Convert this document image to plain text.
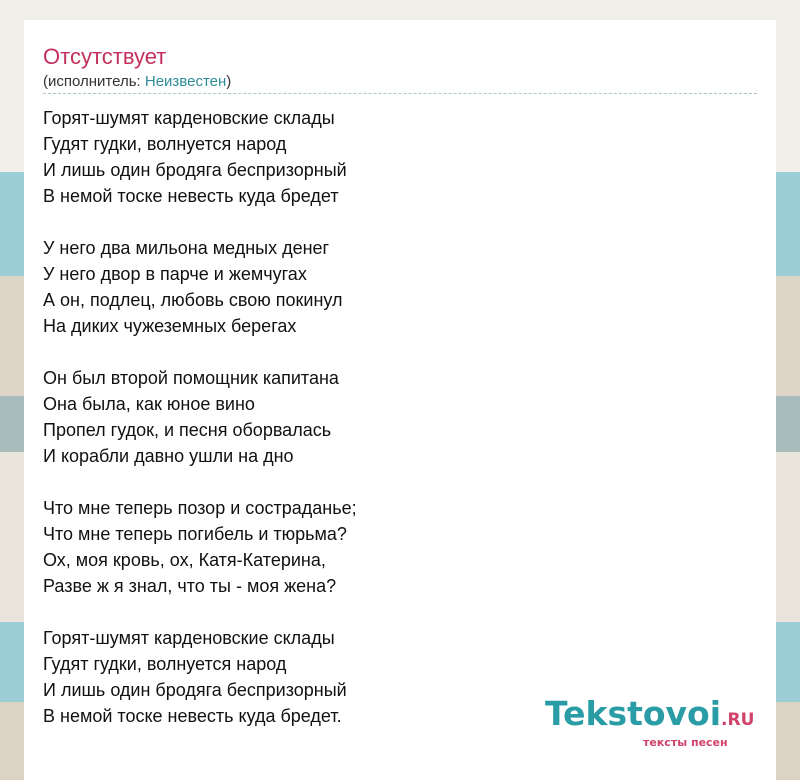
Отсутствует
(исполнитель: Неизвестен)
Горят-шумят карденовские склады
Гудят гудки, волнуется народ
И лишь один бродяга беспризорный
В немой тоске невесть куда бредет
У него два мильона медных денег
У него двор в парче и жемчугах
А он, подлец, любовь свою покинул
На диких чужеземных берегах
Он был второй помощник капитана
Она была, как юное вино
Пропел гудок, и песня оборвалась
И корабли давно ушли на дно
Что мне теперь позор и сострадань​е;
Что мне теперь погибель и тюрьма?
Ох, моя кровь, ох, Катя-Катерина,
Разве ж я знал, что ты - моя жена?
Горят-шумят карденовские склады
Гудят гудки, волнуется народ
И лишь один бродяга беспризорный
В немой тоске невесть куда бредет.	Tekstovoi.RU
тексты песен
